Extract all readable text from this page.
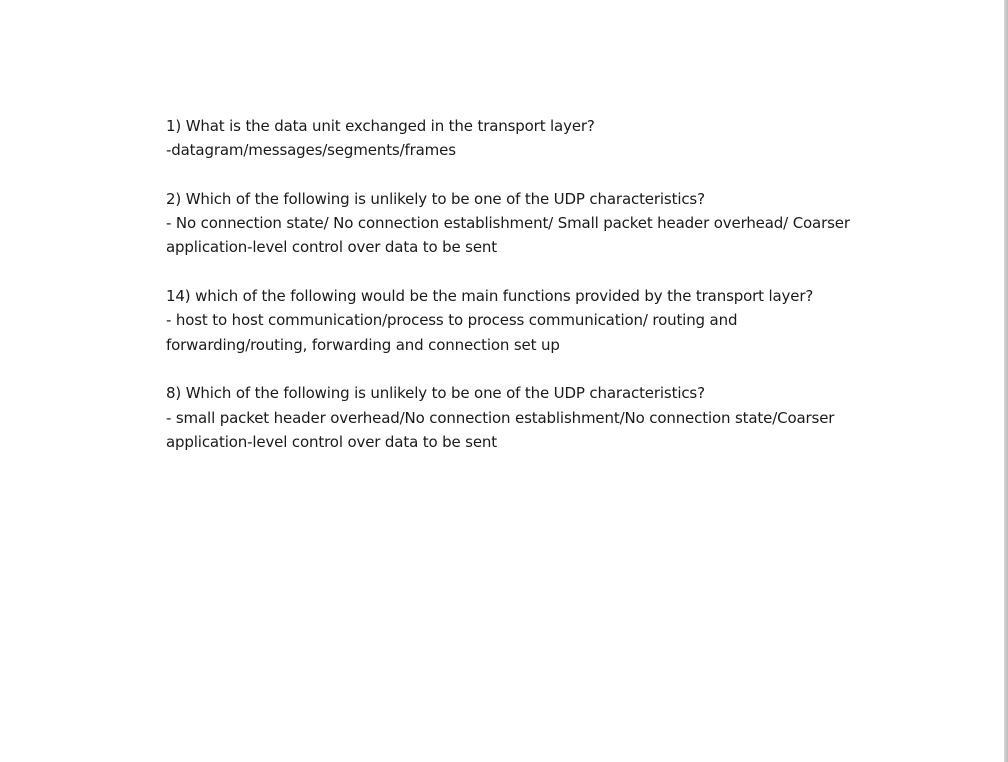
1) What is the data unit exchanged in the transport layer?
-datagram/messages/segments/frames
2) Which of the following is unlikely to be one of the UDP characteristics?
- No connection state/ No connection establishment/ Small packet header overhead/ Coarser
application-level control over data to be sent
14) which of the following would be the main functions provided by the transport layer?
- host to host communication/process to process communication/ routing and
forwarding/routing, forwarding and connection set up
8) Which of the following is unlikely to be one of the UDP characteristics?
- small packet header overhead/No connection establishment/No connection state/Coarser
application-level control over data to be sent
